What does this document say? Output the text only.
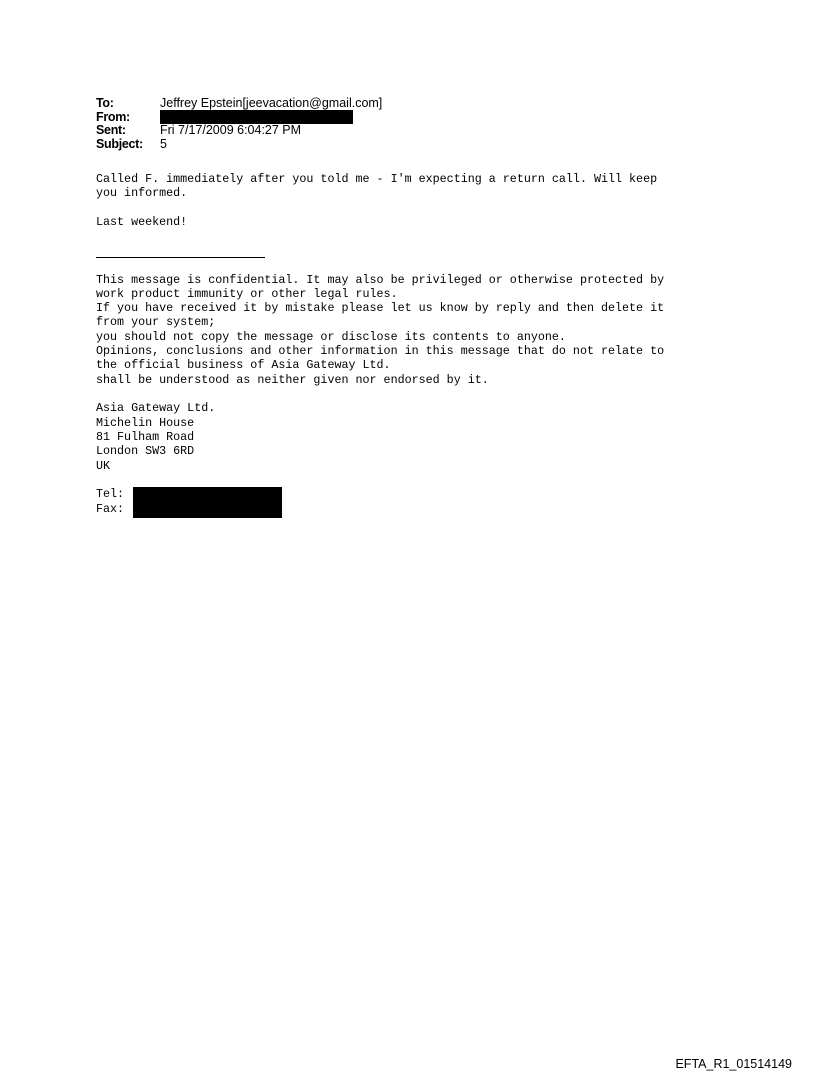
To:	Jeffrey Epstein[jeevacation@gmail.com]
From:
Sent:	Fri 7/17/2009 6:04:27 PM
Subject:	5
Called F. immediately after you told me - I'm expecting a return call. Will keep
you informed.
Last weekend!
This message is confidential. It may also be privileged or otherwise protected by
work product immunity or other legal rules.
If you have received it by mistake please let us know by reply and then delete it
from your system;
you should not copy the message or disclose its contents to anyone.
Opinions, conclusions and other information in this message that do not relate to
the official business of Asia Gateway Ltd.
shall be understood as neither given nor endorsed by it.
Asia Gateway Ltd.
Michelin House
81 Fulham Road
London SW3 6RD
UK
Tel:
Fax:
EFTA_R1_01514149
